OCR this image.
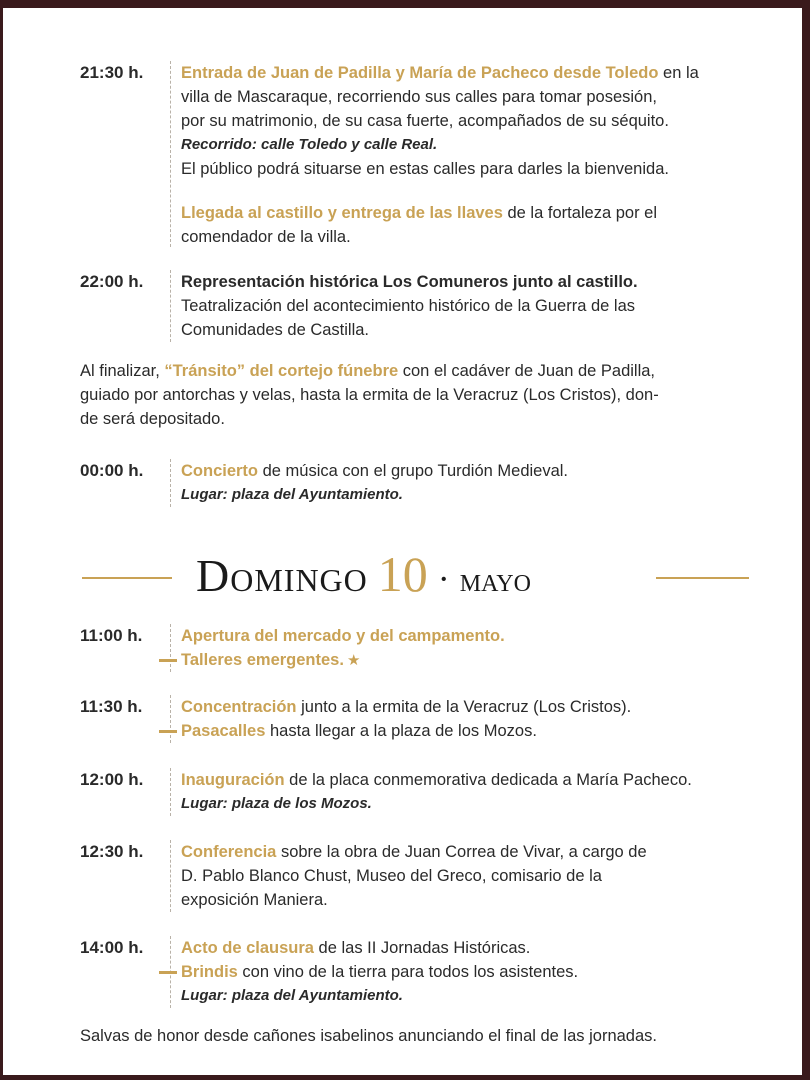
21:30 h.	Entrada de Juan de Padilla y María de Pacheco desde Toledo en la
villa de Mascaraque, recorriendo sus calles para tomar posesión,
por su matrimonio, de su casa fuerte, acompañados de su séquito.
Recorrido: calle Toledo y calle Real.
El público podrá situarse en estas calles para darles la bienvenida.
Llegada al castillo y entrega de las llaves de la fortaleza por el
comendador de la villa.
22:00 h.	Representación histórica Los Comuneros junto al castillo.
Teatralización del acontecimiento histórico de la Guerra de las
Comunidades de Castilla.
Al finalizar, “Tránsito” del cortejo fúnebre con el cadáver de Juan de Padilla,
guiado por antorchas y velas, hasta la ermita de la Veracruz (Los Cristos), don-
de será depositado.
00:00 h.	Concierto de música con el grupo Turdión Medieval.
Lugar: plaza del Ayuntamiento.
Domingo 10 · mayo
11:00 h.	Apertura del mercado y del campamento.
Talleres emergentes. ★
11:30 h.	Concentración junto a la ermita de la Veracruz (Los Cristos).
Pasacalles hasta llegar a la plaza de los Mozos.
12:00 h.	Inauguración de la placa conmemorativa dedicada a María Pacheco.
Lugar: plaza de los Mozos.
12:30 h.	Conferencia sobre la obra de Juan Correa de Vivar, a cargo de
D. Pablo Blanco Chust, Museo del Greco, comisario de la
exposición Maniera.
14:00 h.	Acto de clausura de las II Jornadas Históricas.
Brindis con vino de la tierra para todos los asistentes.
Lugar: plaza del Ayuntamiento.
Salvas de honor desde cañones isabelinos anunciando el final de las jornadas.
